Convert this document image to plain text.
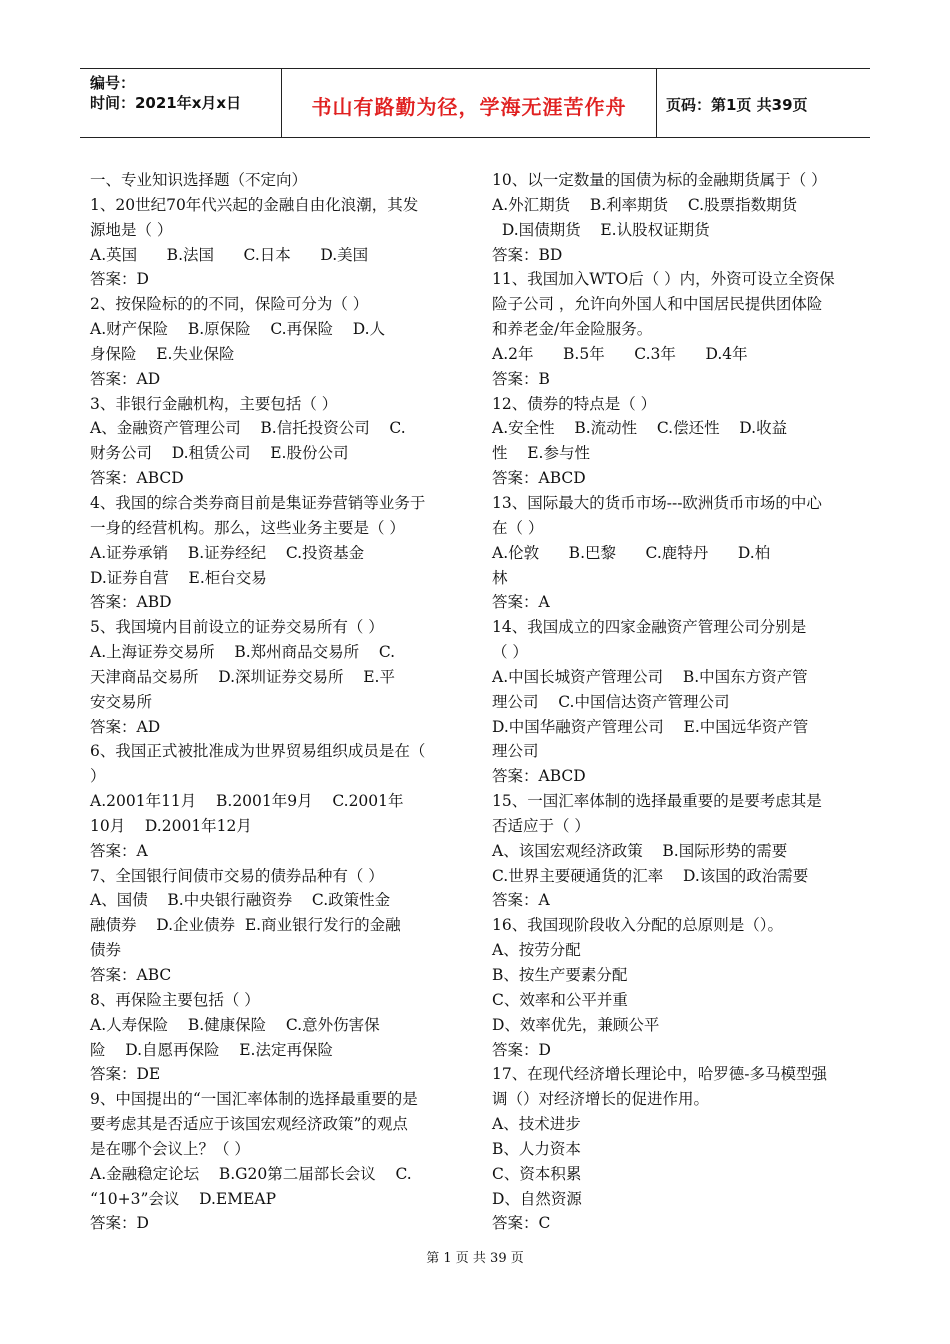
编号：
时间：2021年x月x日	书山有路勤为径，学海无涯苦作舟	页码：第1页 共39页

一、专业知识选择题（不定向）

1、20世纪70年代兴起的金融自由化浪潮，其发

源地是（ ）

A.英国      B.法国      C.日本      D.美国

答案：D

2、按保险标的的不同，保险可分为（ ）

A.财产保险    B.原保险    C.再保险    D.人

身保险    E.失业保险

答案：AD

3、非银行金融机构，主要包括（ ）

A、金融资产管理公司    B.信托投资公司    C.

财务公司    D.租赁公司    E.股份公司

答案：ABCD

4、我国的综合类券商目前是集证券营销等业务于

一身的经营机构。那么，这些业务主要是（ ）

A.证券承销    B.证券经纪    C.投资基金

D.证券自营    E.柜台交易

答案：ABD

5、我国境内目前设立的证券交易所有（ ）

A.上海证券交易所    B.郑州商品交易所    C.

天津商品交易所    D.深圳证券交易所    E.平

安交易所

答案：AD

6、我国正式被批准成为世界贸易组织成员是在（

）

A.2001年11月    B.2001年9月    C.2001年

10月    D.2001年12月

答案：A

7、全国银行间债市交易的债券品种有（ ）

A、国债    B.中央银行融资券    C.政策性金

融债券    D.企业债券  E.商业银行发行的金融

债券

答案：ABC

8、再保险主要包括（ ）

A.人寿保险    B.健康保险    C.意外伤害保

险    D.自愿再保险    E.法定再保险

答案：DE

9、中国提出的“一国汇率体制的选择最重要的是

要考虑其是否适应于该国宏观经济政策”的观点

是在哪个会议上？（ ）

A.金融稳定论坛    B.G20第二届部长会议    C.

“10+3”会议    D.EMEAP

答案：D

10、以一定数量的国债为标的金融期货属于（ ）

A.外汇期货    B.利率期货    C.股票指数期货

D.国债期货    E.认股权证期货

答案：BD

11、我国加入WTO后（ ）内，外资可设立全资保

险子公司 ，允许向外国人和中国居民提供团体险

和养老金/年金险服务。

A.2年      B.5年      C.3年      D.4年

答案：B

12、债券的特点是（ ）

A.安全性    B.流动性    C.偿还性    D.收益

性    E.参与性

答案：ABCD

13、国际最大的货币市场---欧洲货币市场的中心

在（ ）

A.伦敦      B.巴黎      C.鹿特丹      D.柏

林

答案：A

14、我国成立的四家金融资产管理公司分别是

（ ）

A.中国长城资产管理公司    B.中国东方资产管

理公司    C.中国信达资产管理公司

D.中国华融资产管理公司    E.中国远华资产管

理公司

答案：ABCD

15、一国汇率体制的选择最重要的是要考虑其是

否适应于（ ）

A、该国宏观经济政策    B.国际形势的需要

C.世界主要硬通货的汇率    D.该国的政治需要

答案：A

16、我国现阶段收入分配的总原则是（）。

A、按劳分配

B、按生产要素分配

C、效率和公平并重

D、效率优先，兼顾公平

答案：D

17、在现代经济增长理论中，哈罗德-多马模型强

调（）对经济增长的促进作用。

A、技术进步

B、人力资本

C、资本积累

D、自然资源

答案：C

第 1 页 共 39 页
